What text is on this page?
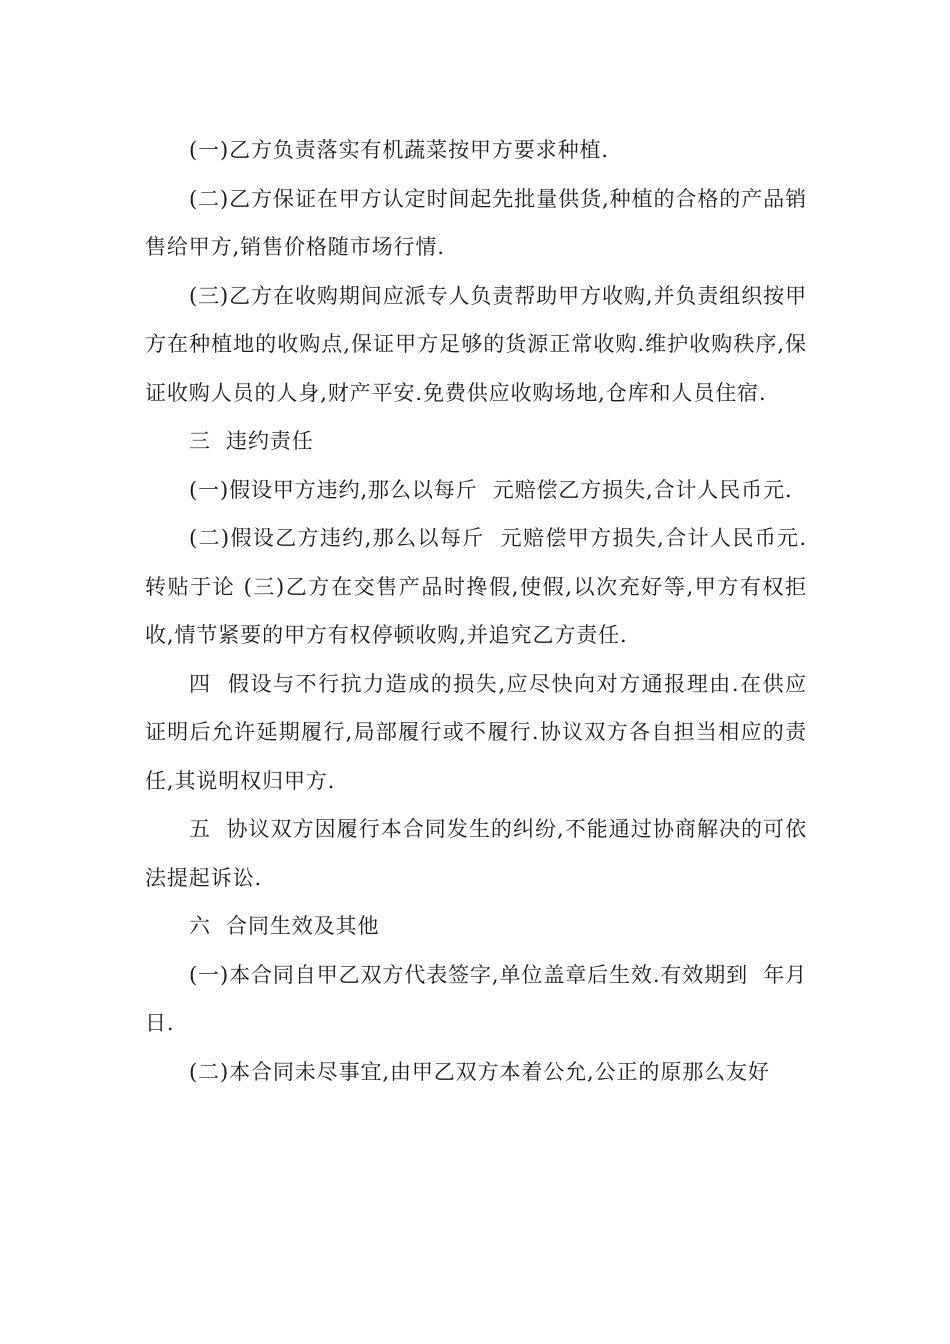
(一)乙方负责落实有机蔬菜按甲方要求种植.

(二)乙方保证在甲方认定时间起先批量供货,种植的合格的产品销售给甲方,销售价格随市场行情.

(三)乙方在收购期间应派专人负责帮助甲方收购,并负责组织按甲方在种植地的收购点,保证甲方足够的货源正常收购.维护收购秩序,保证收购人员的人身,财产平安.免费供应收购场地,仓库和人员住宿.

三  违约责任

(一)假设甲方违约,那么以每斤  元赔偿乙方损失,合计人民币元.

(二)假设乙方违约,那么以每斤  元赔偿甲方损失,合计人民币元.转贴于论 (三)乙方在交售产品时搀假,使假,以次充好等,甲方有权拒收,情节紧要的甲方有权停顿收购,并追究乙方责任.

四  假设与不行抗力造成的损失,应尽快向对方通报理由.在供应证明后允许延期履行,局部履行或不履行.协议双方各自担当相应的责任,其说明权归甲方.

五  协议双方因履行本合同发生的纠纷,不能通过协商解决的可依法提起诉讼.

六  合同生效及其他

(一)本合同自甲乙双方代表签字,单位盖章后生效.有效期到  年月  日.

(二)本合同未尽事宜,由甲乙双方本着公允,公正的原那么友好
